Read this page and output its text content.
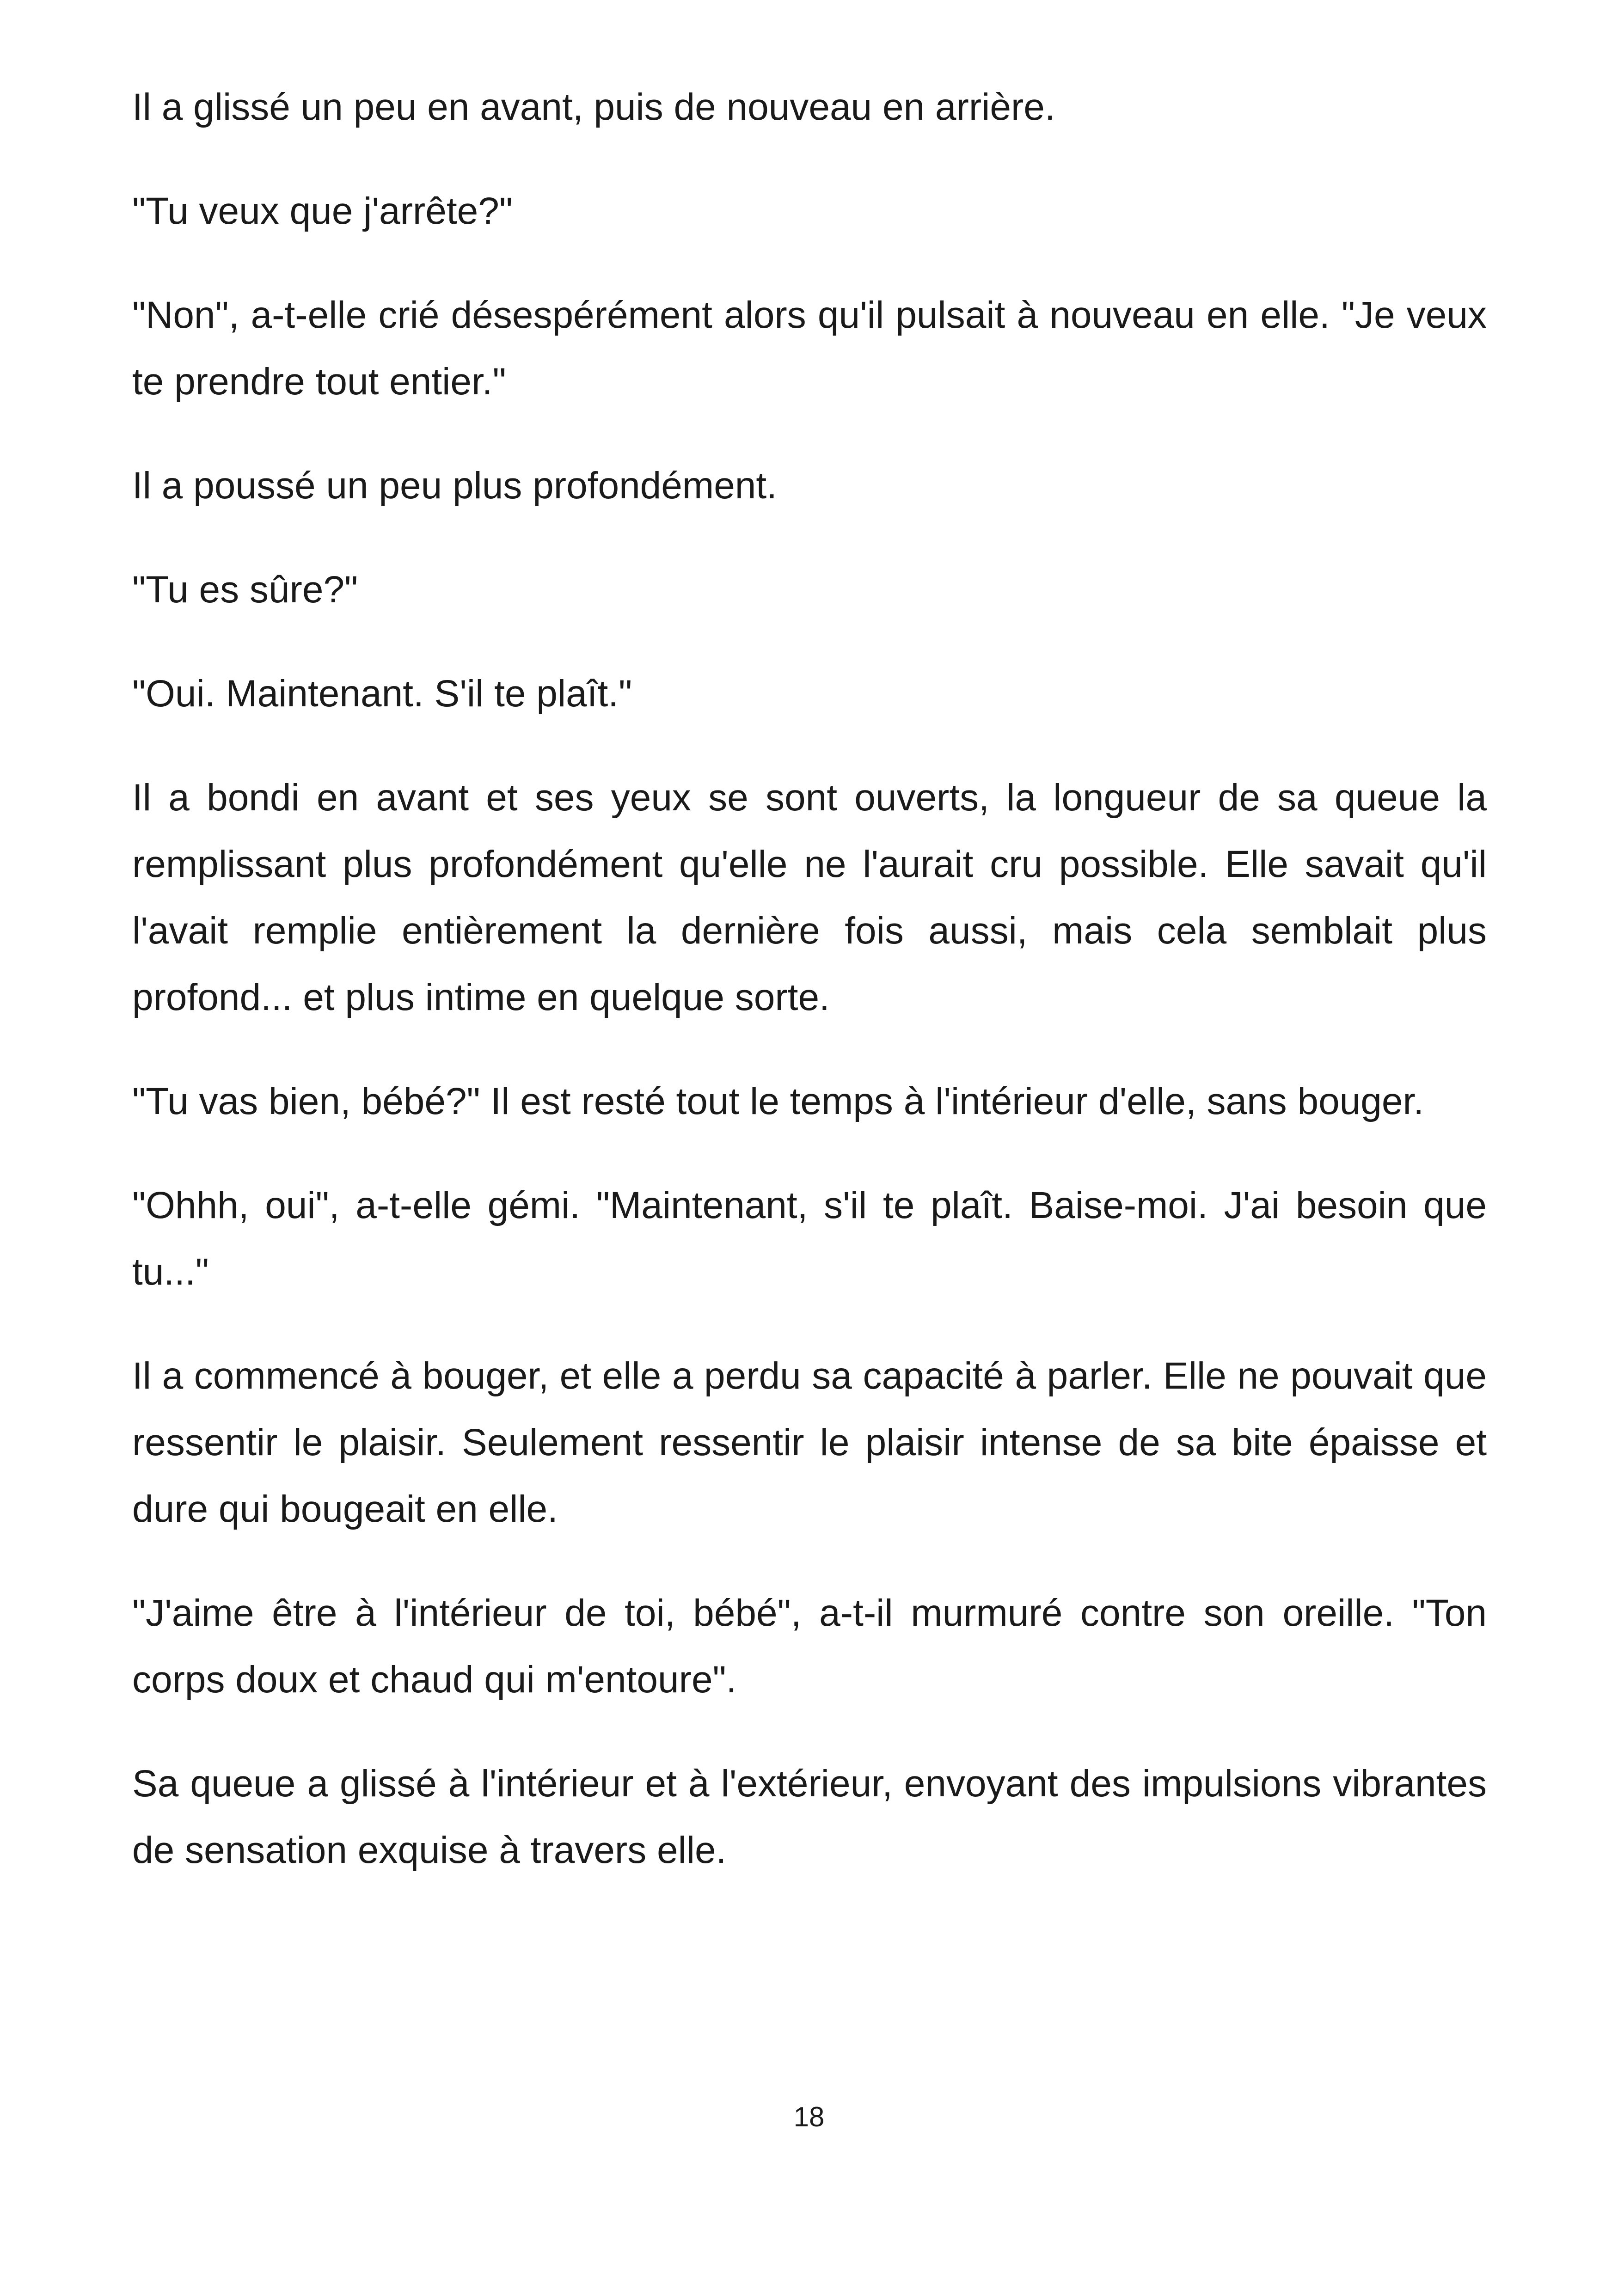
Il a glissé un peu en avant, puis de nouveau en arrière.

"Tu veux que j'arrête?"

"Non", a-t-elle crié désespérément alors qu'il pulsait à nouveau en elle. "Je veux te prendre tout entier."

Il a poussé un peu plus profondément.

"Tu es sûre?"

"Oui. Maintenant. S'il te plaît."

Il a bondi en avant et ses yeux se sont ouverts, la longueur de sa queue la remplissant plus profondément qu'elle ne l'aurait cru possible. Elle savait qu'il l'avait remplie entièrement la dernière fois aussi, mais cela semblait plus profond... et plus intime en quelque sorte.

"Tu vas bien, bébé?" Il est resté tout le temps à l'intérieur d'elle, sans bouger.

"Ohhh, oui", a-t-elle gémi. "Maintenant, s'il te plaît. Baise-moi. J'ai besoin que tu..."

Il a commencé à bouger, et elle a perdu sa capacité à parler. Elle ne pouvait que ressentir le plaisir. Seulement ressentir le plaisir intense de sa bite épaisse et dure qui bougeait en elle.

"J'aime être à l'intérieur de toi, bébé", a-t-il murmuré contre son oreille. "Ton corps doux et chaud qui m'entoure".

Sa queue a glissé à l'intérieur et à l'extérieur, envoyant des impulsions vibrantes de sensation exquise à travers elle.

18
